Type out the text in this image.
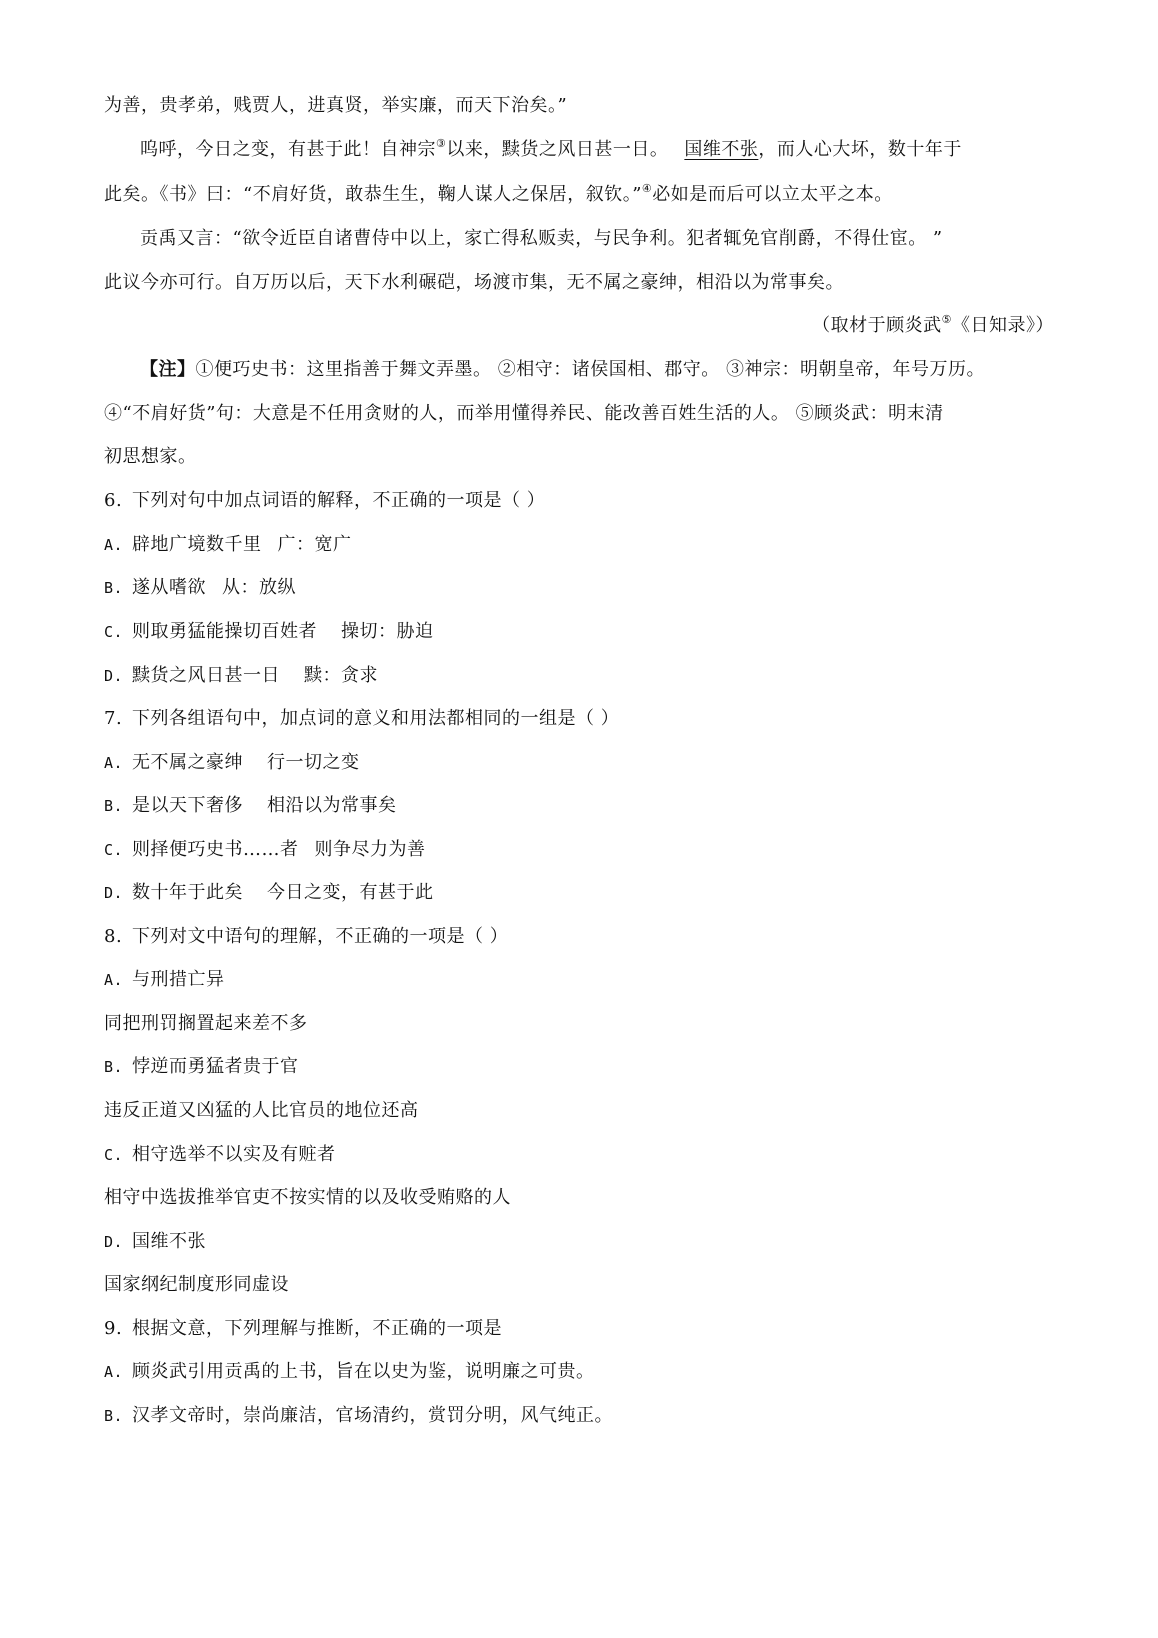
为善，贵孝弟，贱贾人，进真贤，举实廉，而天下治矣。”
呜呼，今日之变，有甚于此！自神宗③以来，黩货之风日甚一日。 国维不张，而人心大坏，数十年于
此矣。《书》曰：“不肩好货，敢恭生生，鞠人谋人之保居，叙钦。”④必如是而后可以立太平之本。
贡禹又言：“欲令近臣自诸曹侍中以上，家亡得私贩卖，与民争利。犯者辄免官削爵，不得仕宦。 ”
此议今亦可行。自万历以后，天下水利碾硙，场渡市集，无不属之豪绅，相沿以为常事矣。
（取材于顾炎武⑤《日知录》）
【注】①便巧史书：这里指善于舞文弄墨。 ②相守：诸侯国相、郡守。 ③神宗：明朝皇帝，年号万历。
④“不肩好货”句：大意是不任用贪财的人，而举用懂得养民、能改善百姓生活的人。 ⑤顾炎武：明末清
初思想家。
6. 下列对句中加点词语的解释，不正确的一项是（ ）
A. 辟地广境数千里 广：宽广
B. 遂从嗜欲 从：放纵
C. 则取勇猛能操切百姓者 操切：胁迫
D. 黩货之风日甚一日 黩：贪求
7. 下列各组语句中，加点词的意义和用法都相同的一组是（ ）
A. 无不属之豪绅 行一切之变
B. 是以天下奢侈 相沿以为常事矣
C. 则择便巧史书……者 则争尽力为善
D. 数十年于此矣 今日之变，有甚于此
8. 下列对文中语句的理解，不正确的一项是（ ）
A. 与刑措亡异
同把刑罚搁置起来差不多
B. 悖逆而勇猛者贵于官
违反正道又凶猛的人比官员的地位还高
C. 相守选举不以实及有赃者
相守中选拔推举官吏不按实情的以及收受贿赂的人
D. 国维不张
国家纲纪制度形同虚设
9. 根据文意，下列理解与推断，不正确的一项是
A. 顾炎武引用贡禹的上书，旨在以史为鉴，说明廉之可贵。
B. 汉孝文帝时，崇尚廉洁，官场清约，赏罚分明，风气纯正。
